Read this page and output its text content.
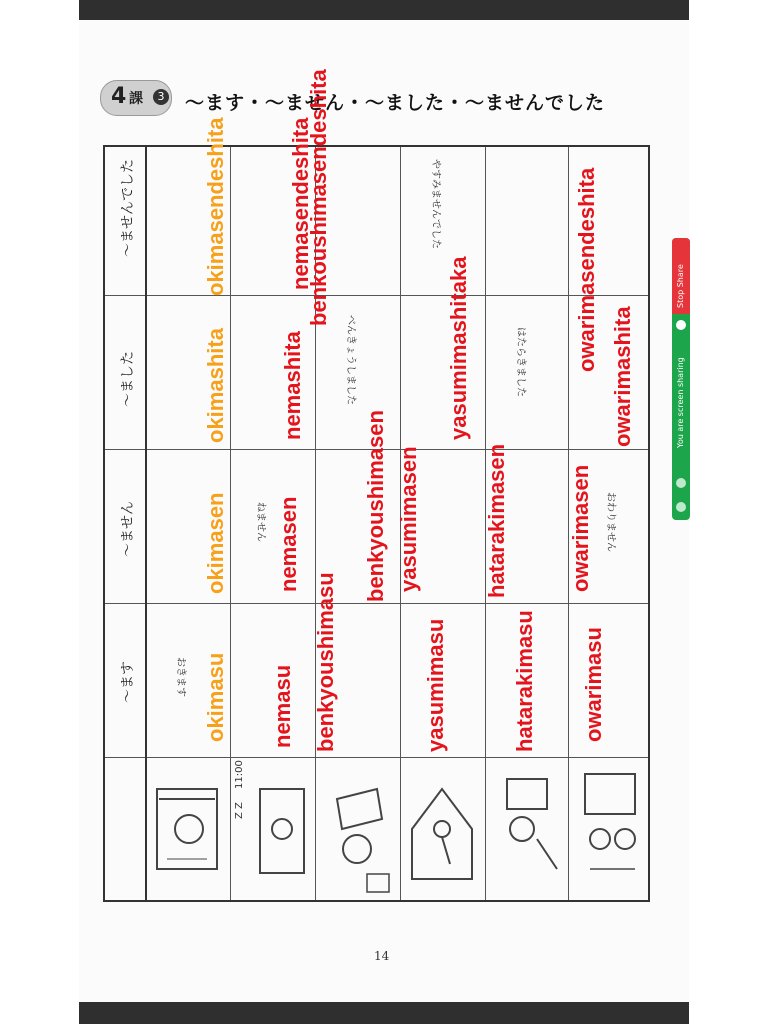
4 課	3 〜ます・〜ません・〜ました・〜ませんでした
〜ませんでした
〜ました
〜ません
〜ます	おきます
ねません
べんきょうしました
やすみませんでした
はたらきました
おわりません
Z Z
11:00
okimasu
okimasen
okimashita
okimasendeshita
nemasu
nemasen
nemashita
nemasendeshita
benkyoushimasu
benkyoushimasen
benkoushimasendeshita
yasumimasu
yasumimasen
yasumimashitaka
hatarakimasu
hatarakimasen
owarimasu
owarimasen
owarimashita
owarimasendeshita
14
Stop Share
You are screen sharing
